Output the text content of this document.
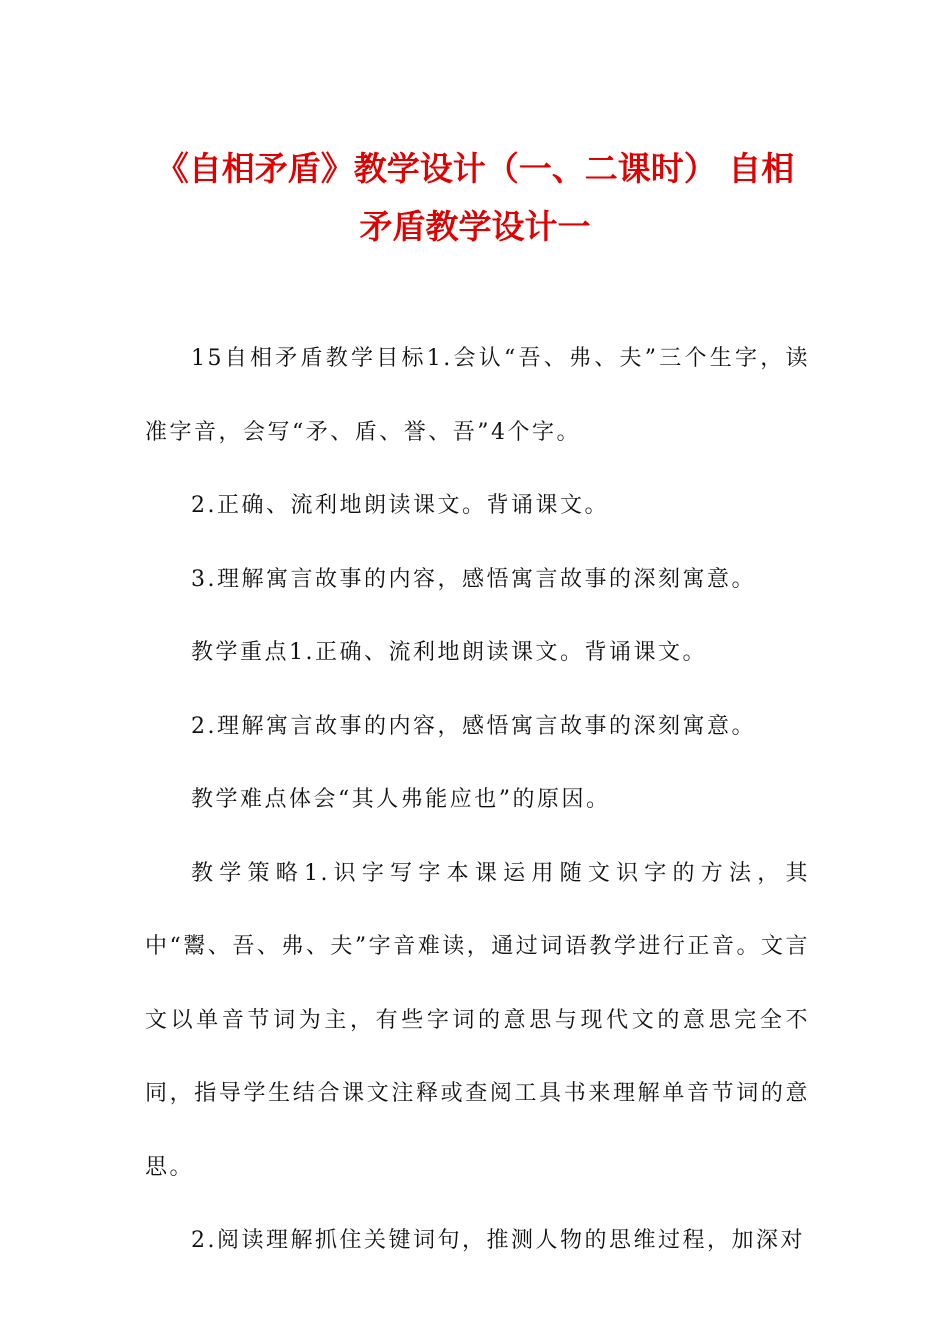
《自相矛盾》教学设计（一、二课时） 自相
矛盾教学设计一

15自相矛盾教学目标1.会认“吾、弗、夫”三个生字，读准字音，会写“矛、盾、誉、吾”4个字。

2.正确、流利地朗读课文。背诵课文。

3.理解寓言故事的内容，感悟寓言故事的深刻寓意。

教学重点1.正确、流利地朗读课文。背诵课文。

2.理解寓言故事的内容，感悟寓言故事的深刻寓意。

教学难点体会“其人弗能应也”的原因。

教学策略1.识字写字本课运用随文识字的方法，其中“鬻、吾、弗、夫”字音难读，通过词语教学进行正音。文言文以单音节词为主，有些字词的意思与现代文的意思完全不同，指导学生结合课文注释或查阅工具书来理解单音节词的意思。

2.阅读理解抓住关键词句，推测人物的思维过程，加深对
